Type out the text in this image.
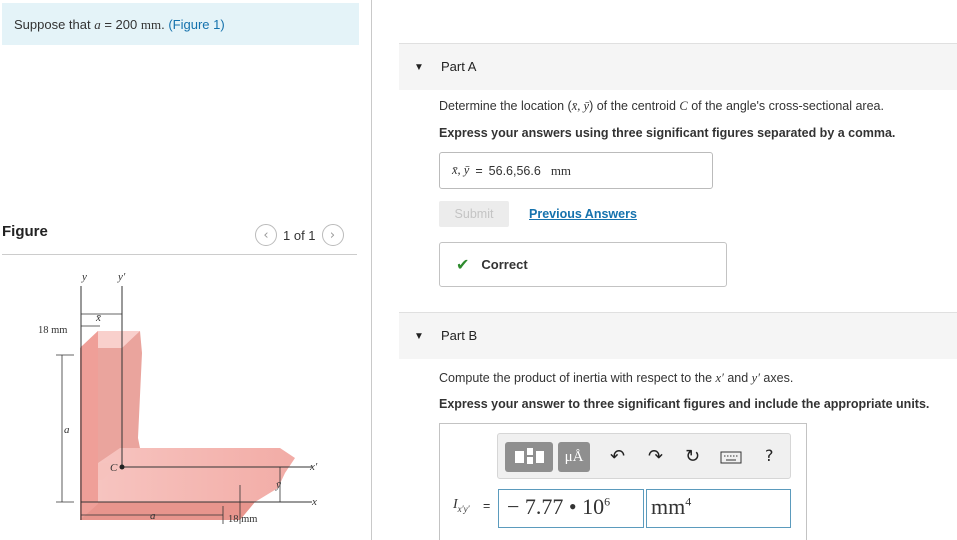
Suppose that a = 200 mm. (Figure 1)
Figure	‹	1 of 1	›
y	y′
x̄
18 mm
a
C	x′
ȳ
x
a	18 mm
▼ Part A
Determine the location (x̄, ȳ) of the centroid C of the angle's cross-sectional area.
Express your answers using three significant figures separated by a comma.
x̄, ȳ = 56.6,56.6 mm
Submit	Previous Answers
✔ Correct
▼ Part B
Compute the product of inertia with respect to the x′ and y′ axes.
Express your answer to three significant figures and include the appropriate units.
μÅ	↶ ↷ ↻	?
$I_{x'y'}$ = − 7.77 • $10^6$	$mm^4$
